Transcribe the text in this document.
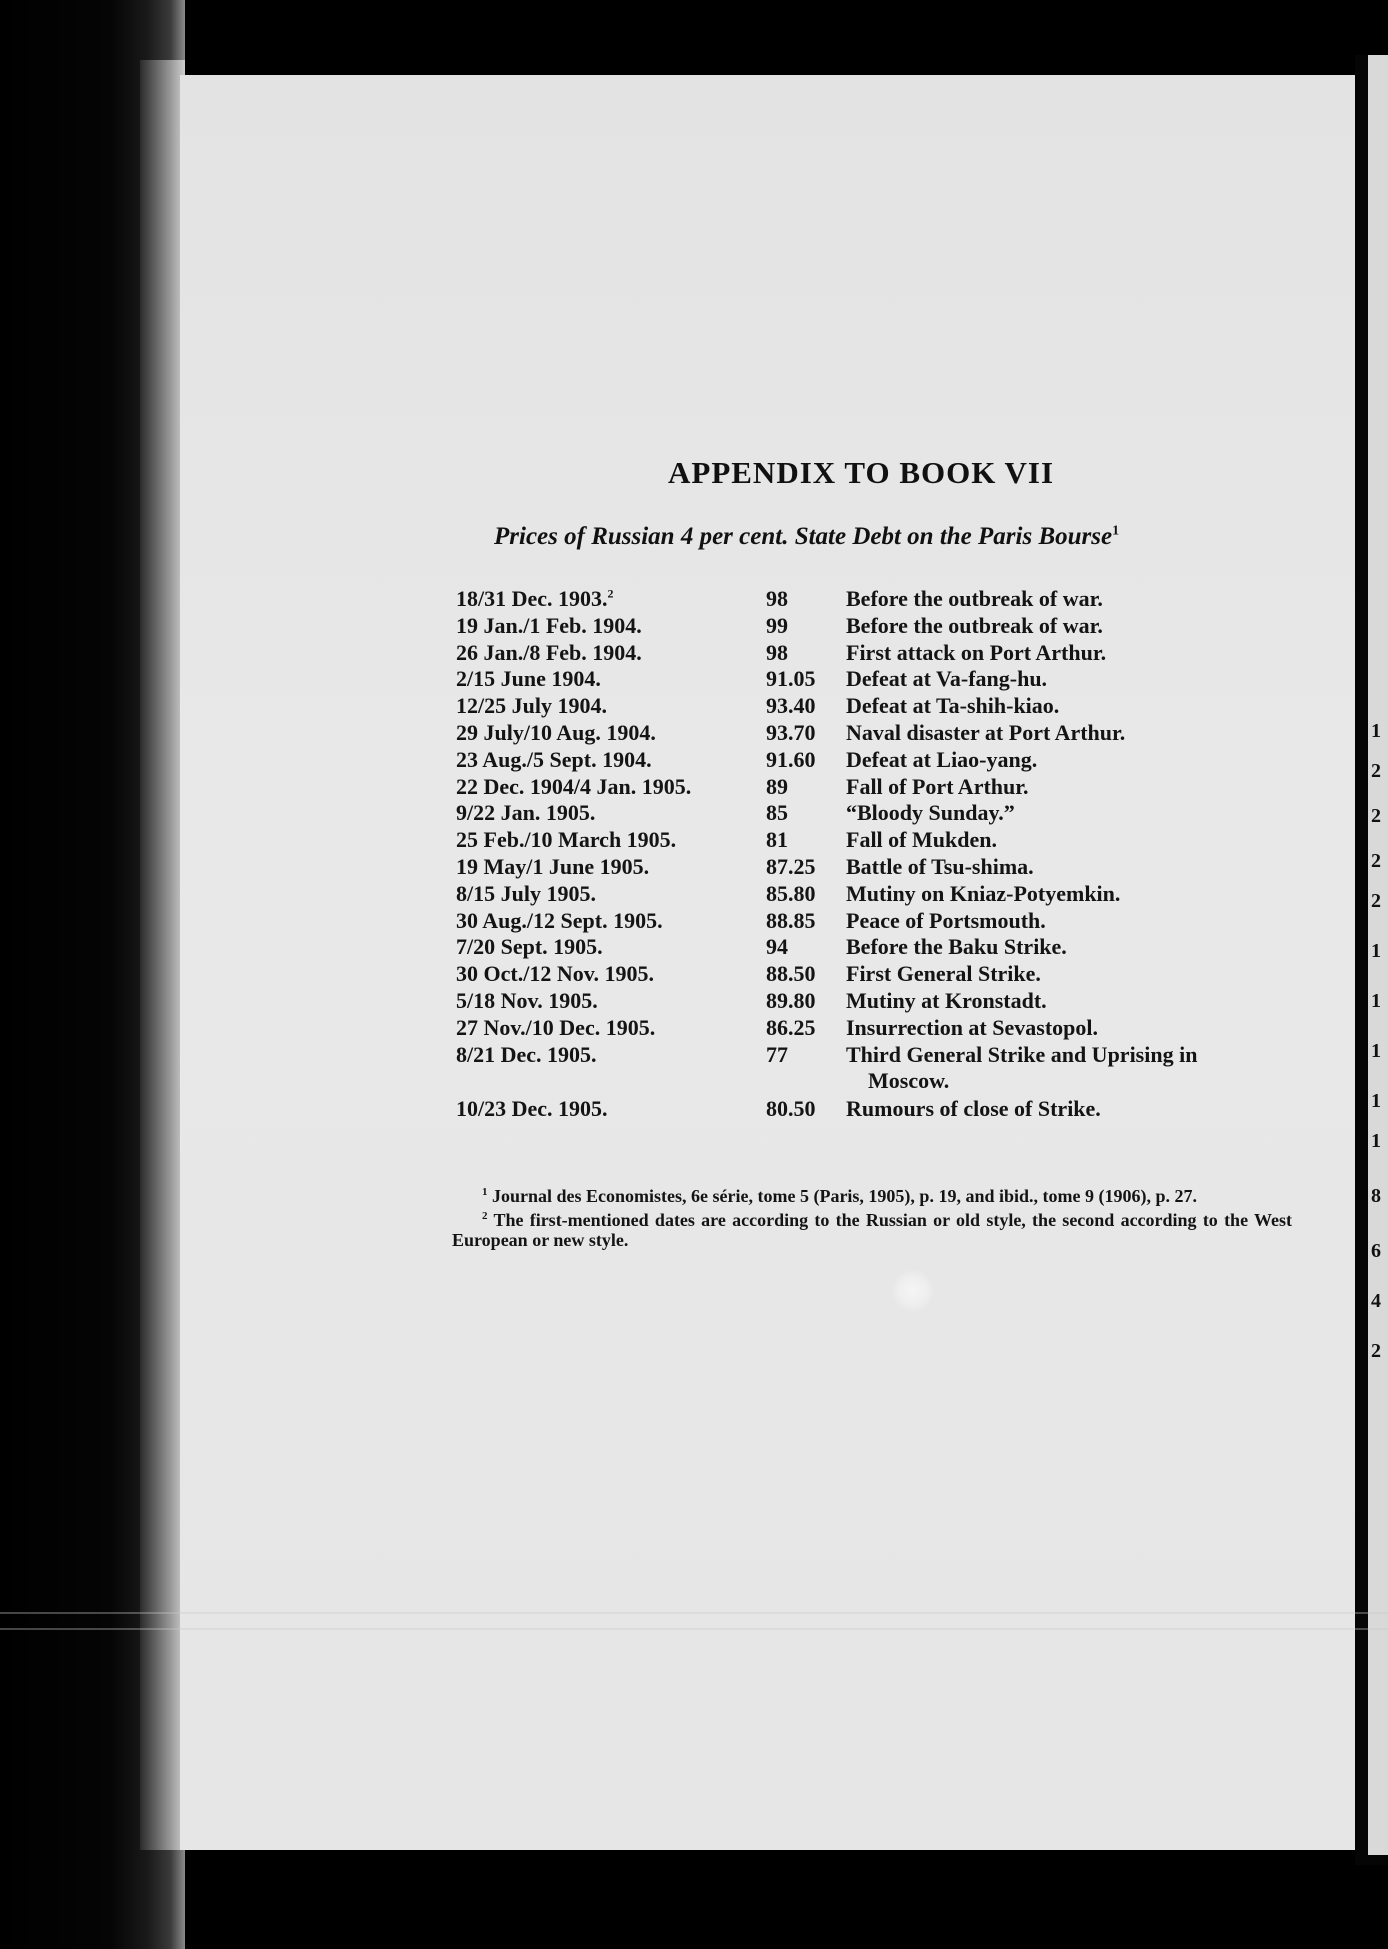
1
2
2
2
2
1
1
1
1
1
8
6
4
2
APPENDIX TO BOOK VII
Prices of Russian 4 per cent. State Debt on the Paris Bourse$^1$
18/31 Dec. 1903.$^2$	98	Before the outbreak of war.
19 Jan./1 Feb. 1904.	99	Before the outbreak of war.
26 Jan./8 Feb. 1904.	98	First attack on Port Arthur.
2/15 June 1904.	91.05	Defeat at Va-fang-hu.
12/25 July 1904.	93.40	Defeat at Ta-shih-kiao.
29 July/10 Aug. 1904.	93.70	Naval disaster at Port Arthur.
23 Aug./5 Sept. 1904.	91.60	Defeat at Liao-yang.
22 Dec. 1904/4 Jan. 1905.	89	Fall of Port Arthur.
9/22 Jan. 1905.	85	“Bloody Sunday.”
25 Feb./10 March 1905.	81	Fall of Mukden.
19 May/1 June 1905.	87.25	Battle of Tsu-shima.
8/15 July 1905.	85.80	Mutiny on Kniaz-Potyemkin.
30 Aug./12 Sept. 1905.	88.85	Peace of Portsmouth.
7/20 Sept. 1905.	94	Before the Baku Strike.
30 Oct./12 Nov. 1905.	88.50	First General Strike.
5/18 Nov. 1905.	89.80	Mutiny at Kronstadt.
27 Nov./10 Dec. 1905.	86.25	Insurrection at Sevastopol.
8/21 Dec. 1905.	77	Third General Strike and Uprising in
Moscow.
10/23 Dec. 1905.	80.50	Rumours of close of Strike.

$^1$ Journal des Economistes, 6e série, tome 5 (Paris, 1905), p. 19, and ibid., tome 9 (1906), p. 27.

$^2$ The first-mentioned dates are according to the Russian or old style, the second according to the West European or new style.
